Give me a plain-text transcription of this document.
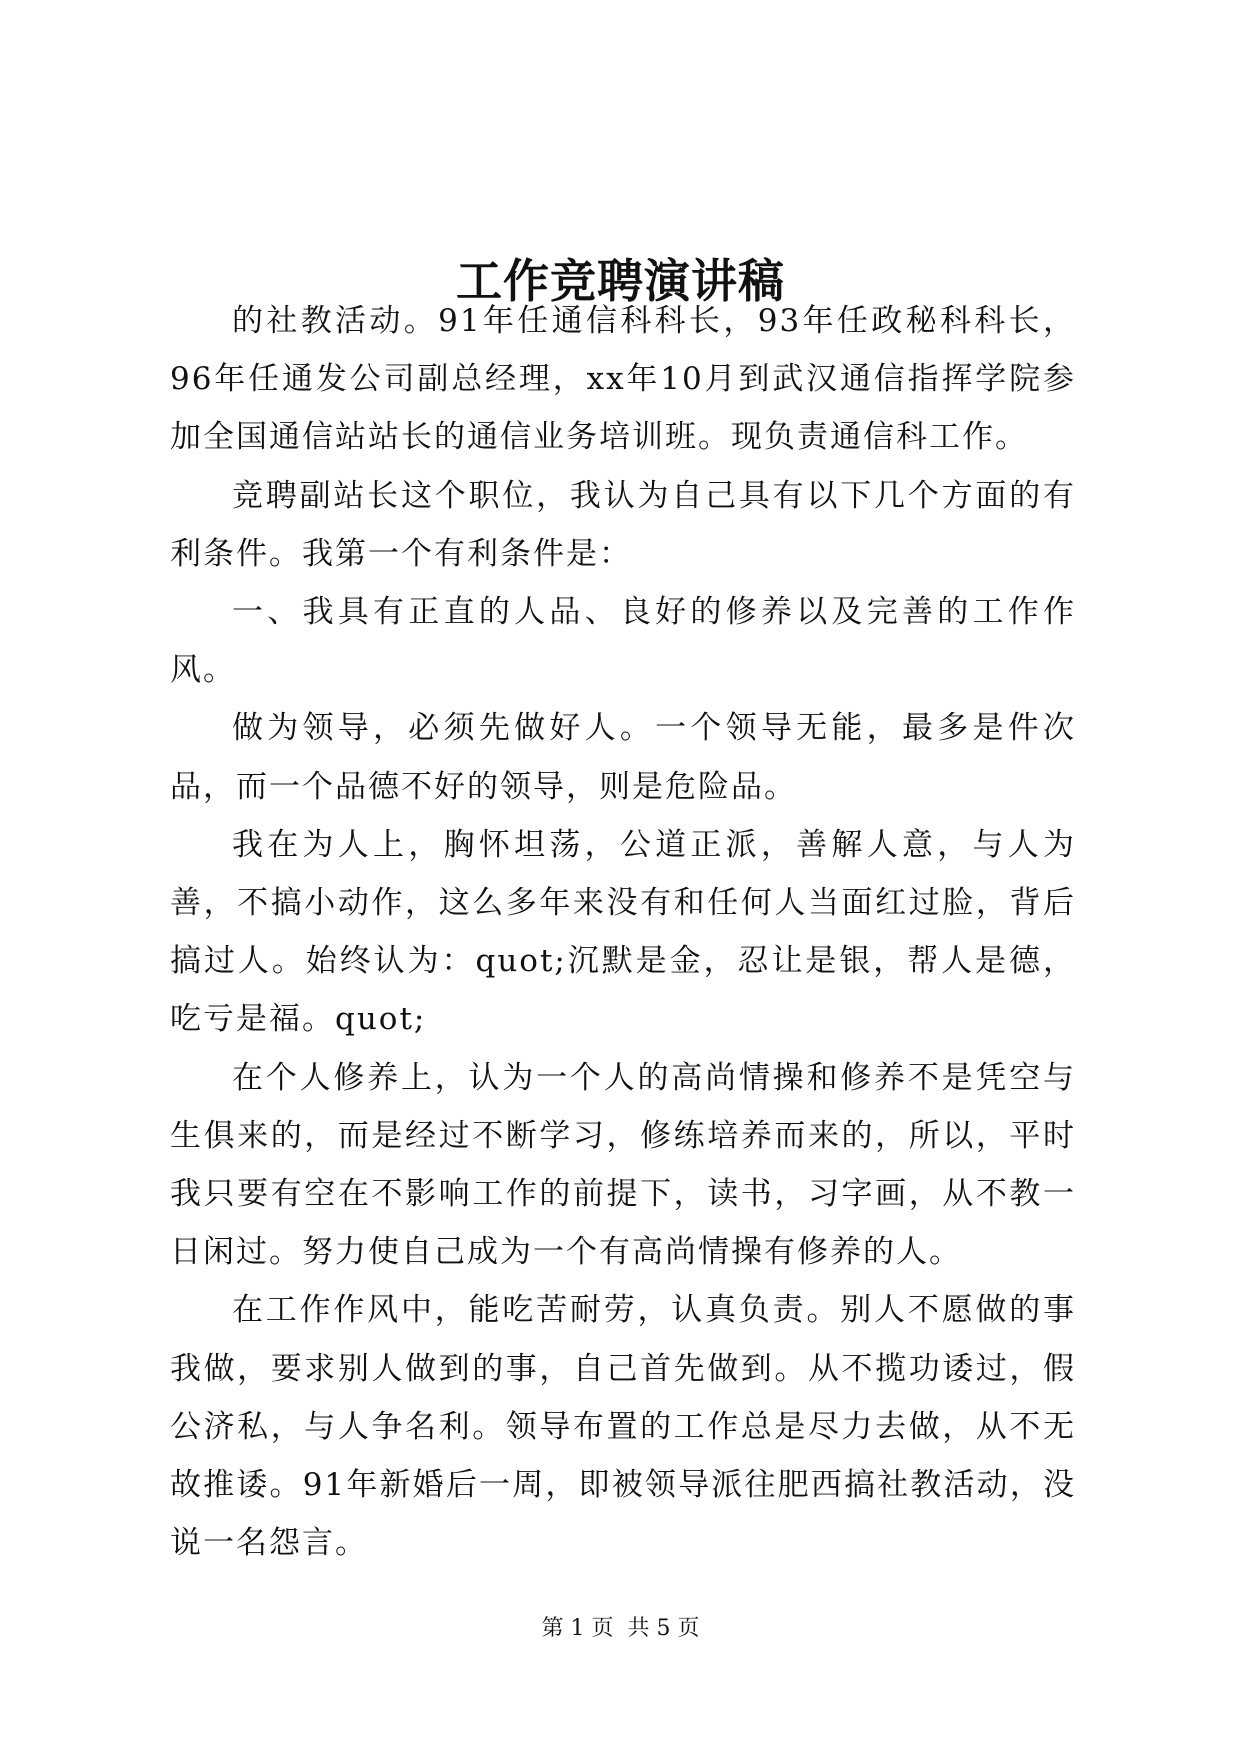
工作竞聘演讲稿

的社教活动。91年任通信科科长，93年任政秘科科长，96年任通发公司副总经理，xx年10月到武汉通信指挥学院参加全国通信站站长的通信业务培训班。现负责通信科工作。

竞聘副站长这个职位，我认为自己具有以下几个方面的有利条件。我第一个有利条件是：

一、我具有正直的人品、良好的修养以及完善的工作作风。

做为领导，必须先做好人。一个领导无能，最多是件次品，而一个品德不好的领导，则是危险品。

我在为人上，胸怀坦荡，公道正派，善解人意，与人为善，不搞小动作，这么多年来没有和任何人当面红过脸，背后搞过人。始终认为：quot;沉默是金，忍让是银，帮人是德，吃亏是福。quot;

在个人修养上，认为一个人的高尚情操和修养不是凭空与生俱来的，而是经过不断学习，修练培养而来的，所以，平时我只要有空在不影响工作的前提下，读书，习字画，从不教一日闲过。努力使自己成为一个有高尚情操有修养的人。

在工作作风中，能吃苦耐劳，认真负责。别人不愿做的事我做，要求别人做到的事，自己首先做到。从不揽功诿过，假公济私，与人争名利。领导布置的工作总是尽力去做，从不无故推诿。91年新婚后一周，即被领导派往肥西搞社教活动，没说一名怨言。

第 1 页  共 5 页
